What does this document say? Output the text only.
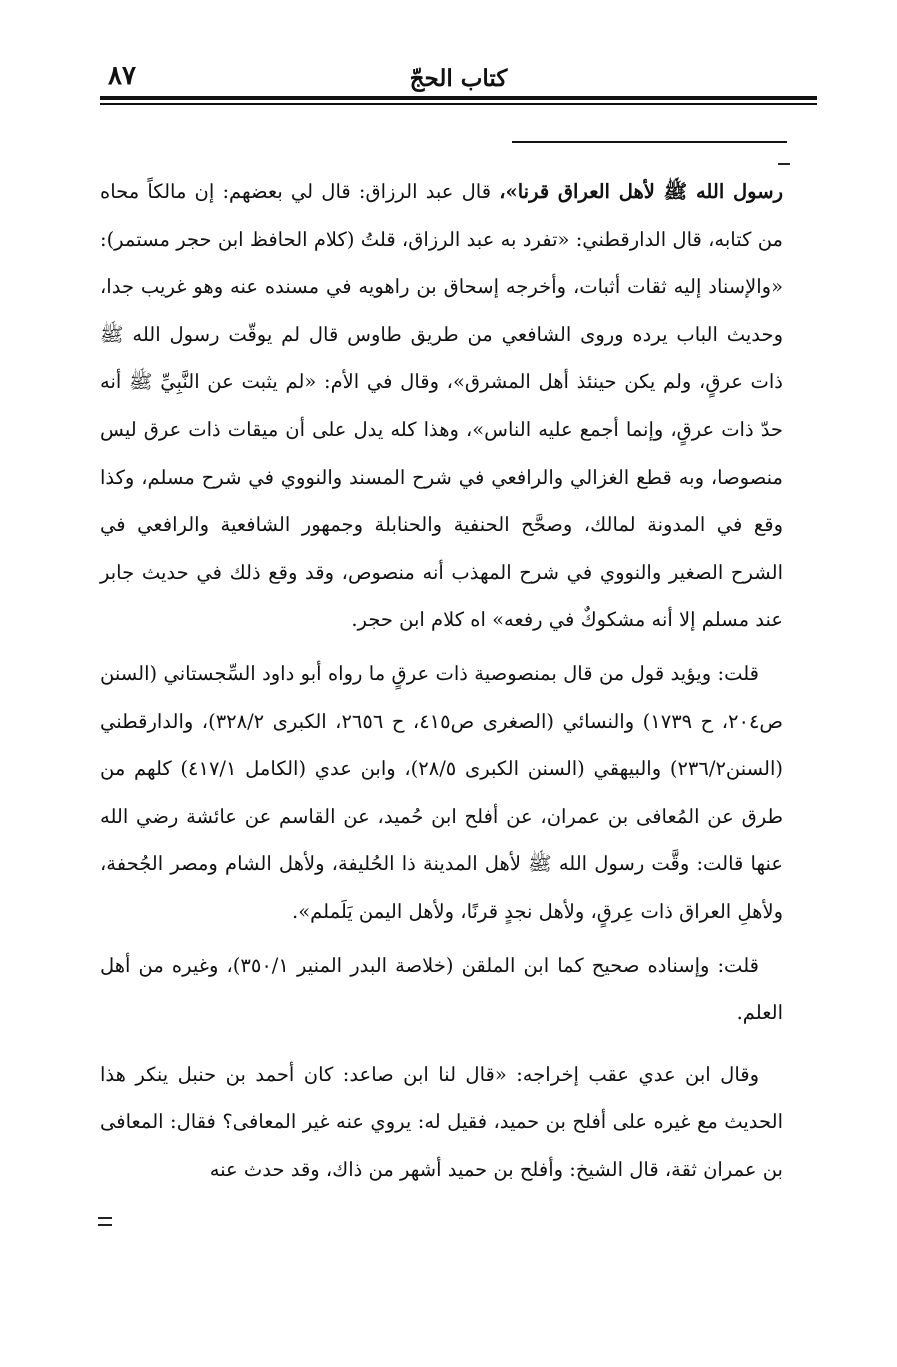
٨٧	كتاب الحجّ

رسول الله ﷺ لأهل العراق قرنا»، قال عبد الرزاق: قال لي بعضهم: إن مالكاً محاه من كتابه، قال الدارقطني: «تفرد به عبد الرزاق، قلتُ (كلام الحافظ ابن حجر مستمر): «والإسناد إليه ثقات أثبات، وأخرجه إسحاق بن راهويه في مسنده عنه وهو غريب جدا، وحديث الباب يرده وروى الشافعي من طريق طاوس قال لم يوقّت رسول الله ﷺ ذات عرقٍ، ولم يكن حينئذ أهل المشرق»، وقال في الأم: «لم يثبت عن النَّبِيِّ ﷺ أنه حدّ ذات عرقٍ، وإنما أجمع عليه الناس»، وهذا كله يدل على أن ميقات ذات عرق ليس منصوصا، وبه قطع الغزالي والرافعي في شرح المسند والنووي في شرح مسلم، وكذا وقع في المدونة لمالك، وصحَّح الحنفية والحنابلة وجمهور الشافعية والرافعي في الشرح الصغير والنووي في شرح المهذب أنه منصوص، وقد وقع ذلك في حديث جابر عند مسلم إلا أنه مشكوكٌ في رفعه» اه كلام ابن حجر.

قلت: ويؤيد قول من قال بمنصوصية ذات عرقٍ ما رواه أبو داود السِّجستاني (السنن ص٢٠٤، ح ١٧٣٩) والنسائي (الصغرى ص٤١٥، ح ٢٦٥٦، الكبرى ٣٢٨/٢)، والدارقطني (السنن٢٣٦/٢) والبيهقي (السنن الكبرى ٢٨/٥)، وابن عدي (الكامل ٤١٧/١) كلهم من طرق عن المُعافى بن عمران، عن أفلح ابن حُميد، عن القاسم عن عائشة رضي الله عنها قالت: وقَّت رسول الله ﷺ لأهل المدينة ذا الحُليفة، ولأهل الشام ومصر الجُحفة، ولأهلِ العراق ذات عِرقٍ، ولأهل نجدٍ قرنًا، ولأهل اليمن يَلَملم».

قلت: وإسناده صحيح كما ابن الملقن (خلاصة البدر المنير ٣٥٠/١)، وغيره من أهل العلم.

وقال ابن عدي عقب إخراجه: «قال لنا ابن صاعد: كان أحمد بن حنبل ينكر هذا الحديث مع غيره على أفلح بن حميد، فقيل له: يروي عنه غير المعافى؟ فقال: المعافى بن عمران ثقة، قال الشيخ: وأفلح بن حميد أشهر من ذاك، وقد حدث عنه
